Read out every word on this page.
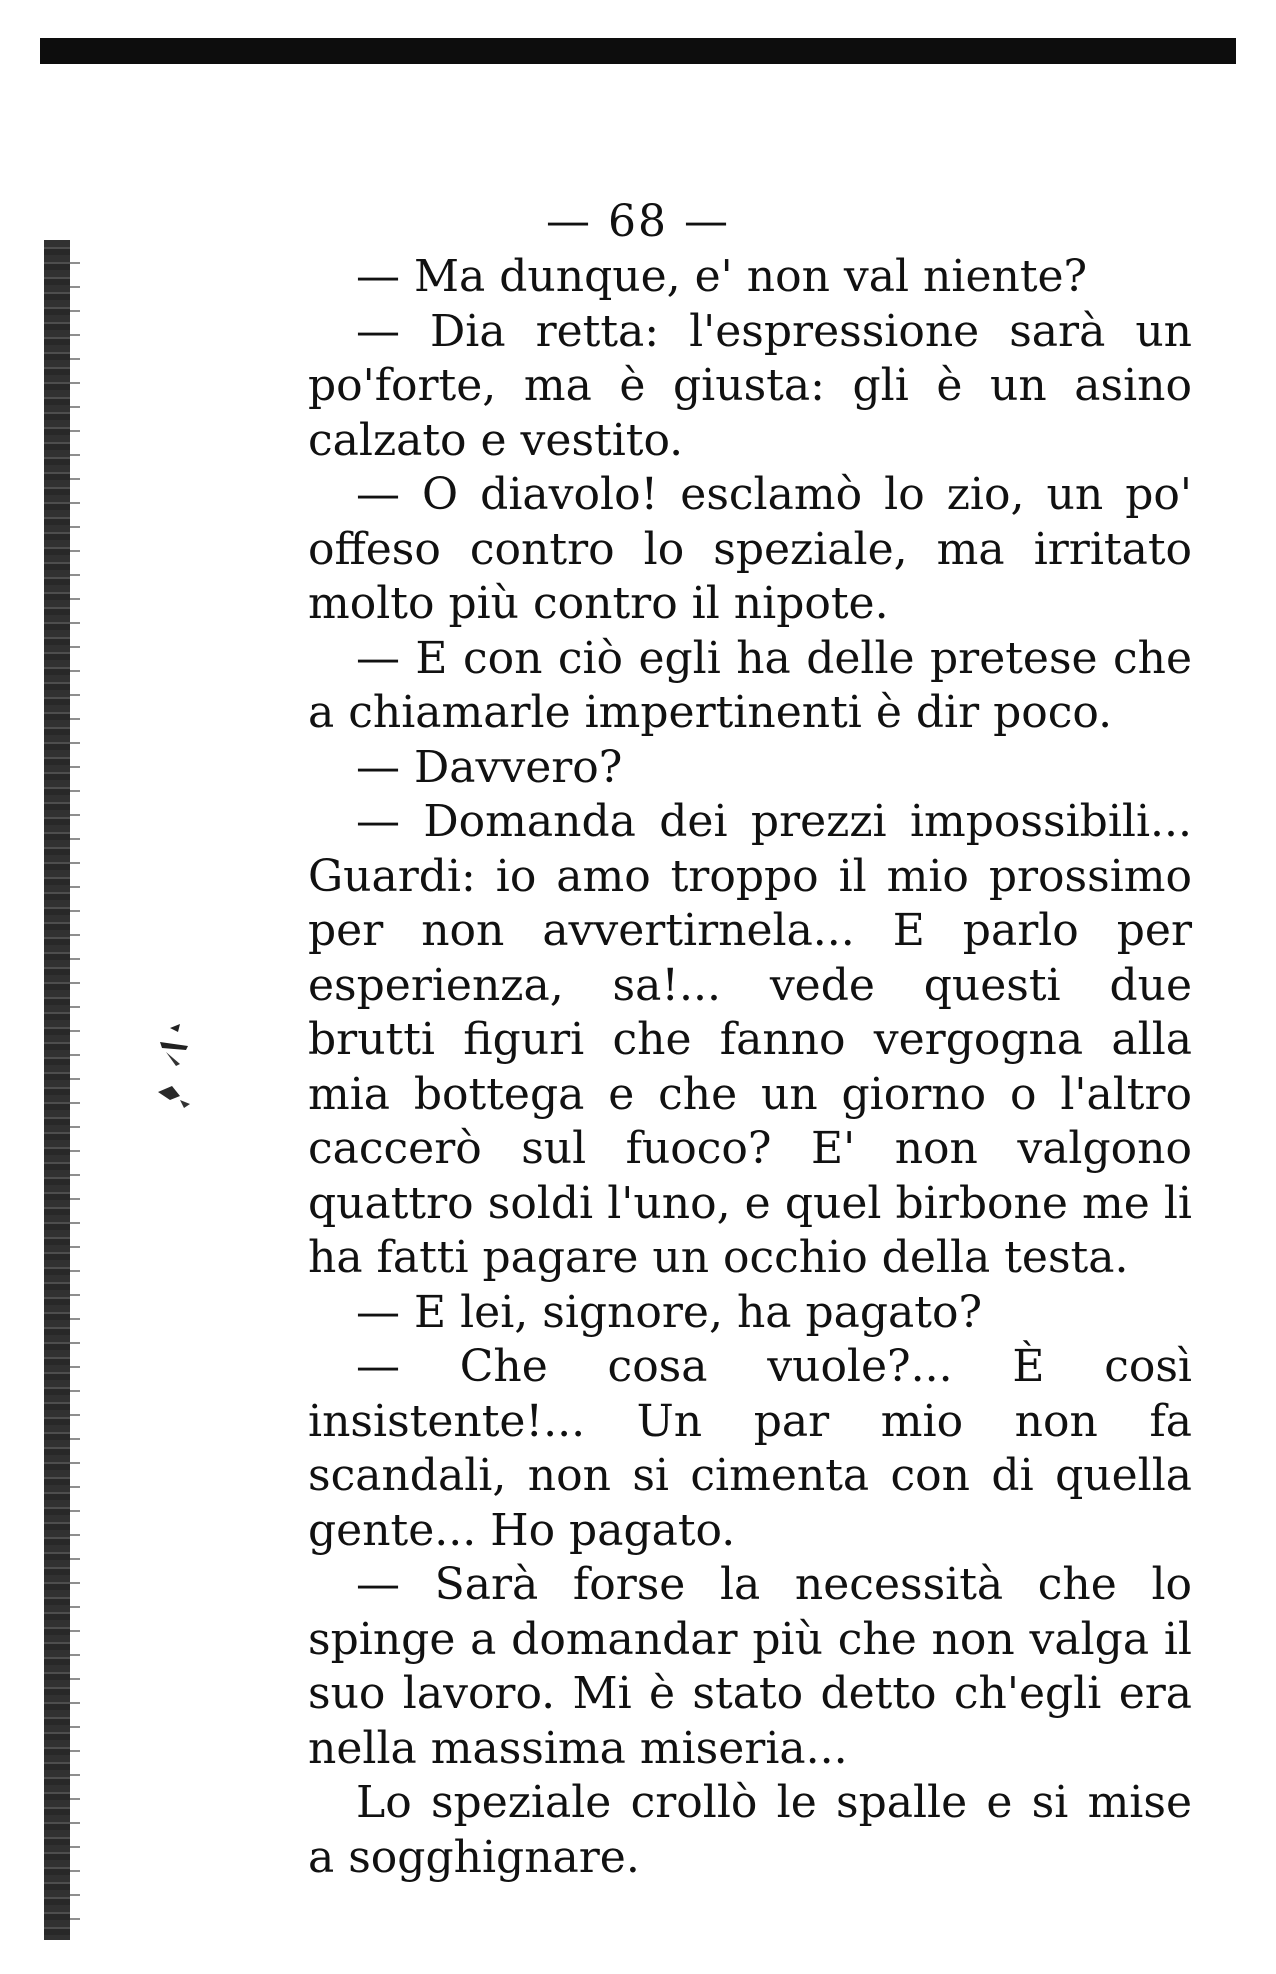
— 68 —

— Ma dunque, e' non val niente?

— Dia retta: l'espressione sarà un po'forte, ma è giusta: gli è un asino calzato e vestito.

— O diavolo! esclamò lo zio, un po' offeso contro lo speziale, ma irritato molto più contro il nipote.

— E con ciò egli ha delle pretese che a chiamarle impertinenti è dir poco.

— Davvero?

— Domanda dei prezzi impossibili... Guardi: io amo troppo il mio prossimo per non avvertirnela... E parlo per esperienza, sa!... vede questi due brutti figuri che fanno vergogna alla mia bottega e che un giorno o l'altro caccerò sul fuoco? E' non valgono quattro soldi l'uno, e quel birbone me li ha fatti pagare un occhio della testa.

— E lei, signore, ha pagato?

— Che cosa vuole?... È così insistente!... Un par mio non fa scandali, non si cimenta con di quella gente... Ho pagato.

— Sarà forse la necessità che lo spinge a domandar più che non valga il suo lavoro. Mi è stato detto ch'egli era nella massima miseria...

Lo speziale crollò le spalle e si mise a sogghignare.
